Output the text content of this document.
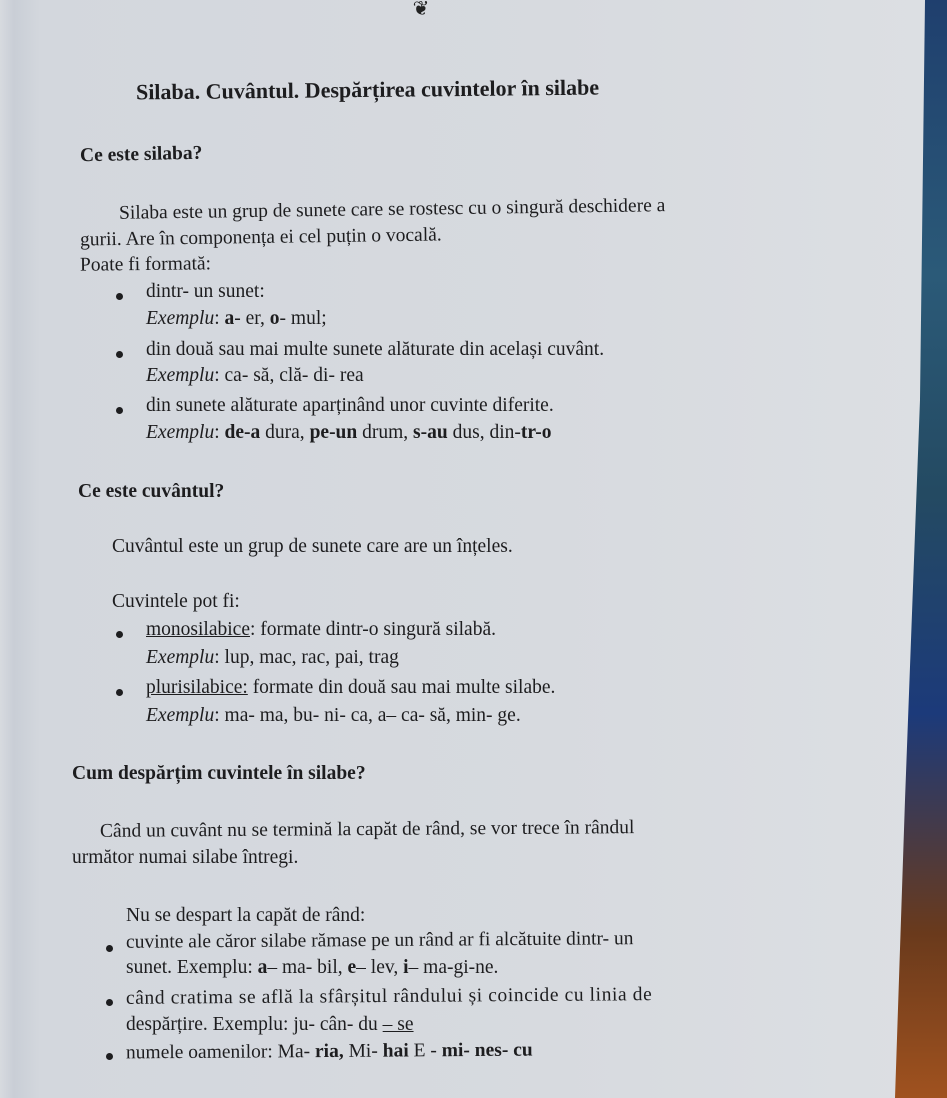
❦
Silaba. Cuvântul. Despărțirea cuvintelor în silabe
Ce este silaba?
Silaba este un grup de sunete care se rostesc cu o singură deschidere a
gurii. Are în componența ei cel puțin o vocală.
Poate fi formată:
dintr- un sunet:
Exemplu: a- er, o- mul;
din două sau mai multe sunete alăturate din același cuvânt.
Exemplu: ca- să, clă- di- rea
din sunete alăturate aparținând unor cuvinte diferite.
Exemplu: de-a dura, pe-un drum, s-au dus, din-tr-o
Ce este cuvântul?
Cuvântul este un grup de sunete care are un înțeles.
Cuvintele pot fi:
monosilabice: formate dintr-o singură silabă.
Exemplu: lup, mac, rac, pai, trag
plurisilabice: formate din două sau mai multe silabe.
Exemplu: ma- ma, bu- ni- ca, a– ca- să, min- ge.
Cum despărțim cuvintele în silabe?
Când un cuvânt nu se termină la capăt de rând, se vor trece în rândul
următor numai silabe întregi.
Nu se despart la capăt de rând:
cuvinte ale căror silabe rămase pe un rând ar fi alcătuite dintr- un
sunet. Exemplu: a– ma- bil, e– lev, i– ma-gi-ne.
când cratima se află la sfârșitul rândului și coincide cu linia de
despărțire. Exemplu: ju- cân- du – se
numele oamenilor: Ma- ria, Mi- hai E - mi- nes- cu
